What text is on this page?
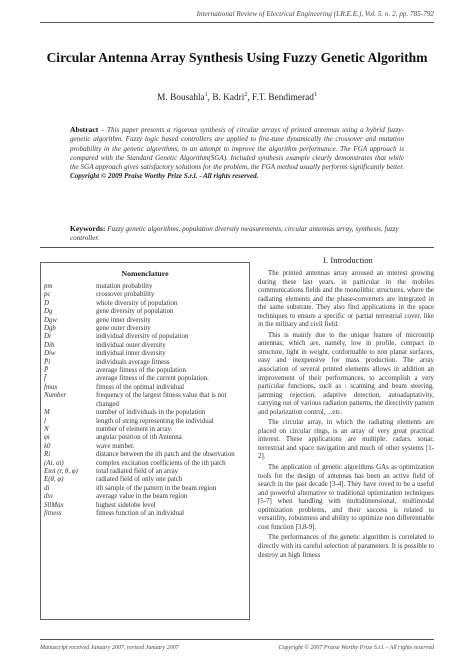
International Review of Electrical Engineering (I.R.E.E.), Vol. 5. n. 2, pp. 785-792
Circular Antenna Array Synthesis Using Fuzzy Genetic Algorithm
M. Bousahla$^1$, B. Kadri$^2$, F.T. Bendimerad$^1$
Abstract – This paper presents a rigorous synthesis of circular arrays of printed antennas using a hybrid fuzzy-genetic algorithm. Fuzzy logic based controllers are applied to fine-tune dynamically the crossover and mutation probability in the genetic algorithms, in an attempt to improve the algorithm performance. The FGA approach is compared with the Standard Genetic Algorithm(SGA). Included synthesis example clearly demonstrates that while the SGA approach gives satisfactory solutions for the problem, the FGA method usually performs significantly better. Copyright © 2009 Praise Worthy Prize S.r.l. - All rights reserved.
Keywords: Fuzzy genetic algorithms, population diversity measurements, circular antennas array, synthesis, fuzzy controller.
Nomenclature
pm	mutation probability
pc	crossover probability
D	whole diversity of population
Dg	gene diversity of population
Dgw	gene inner diversity
Dgb	gene outer diversity
Di	individual diversity of population
Dib	individual outer diversity
Diw	individual inner diversity
P̄i	individuals average fitness
P̄	average fitness of the population
f̄	average fitness of the current population.
fmax	fitness of the optimal individual
Number	frequency of the largest fitness value that is not changed
M	number of individuals in the population
l	length of string representing the individual
N	number of element in array.
φi	angular position of ith Antenna
k0	wave number.
Ri	distance between the ith patch and the observation
(Ai, αi)	complex excitation coefficients of the ith patch
Etot (r, θ, φ)	total radiated field of an array
E(θ, φ)	radiated field of only one patch
di	ith sample of the pattern in the beam region
dsv	average value in the beam region
SllMax	highest sidelobe level
fitness	fitness function of an individual
I. Introduction

The printed antennas array aroused an interest growing during these last years, in particular in the mobiles communications fields and the monolithic structures, where the radiating elements and the phase-converters are integrated in the same substrate. They also find applications in the space techniques to ensure a specific or partial terrestrial cover, like in the military and civil field.

This is mainly due to the unique feature of microstrip antennas; which are, namely, low in profile, compact in structure, light in weight, conformable to non planar surfaces, easy and inexpensive for mass production. The array association of several printed elements allows in addition an improvement of their performances, to accomplish a very particular functions, such as : scanning and beam steering, jamming rejection, adaptive detection, autoadaptativity, carrying out of various radiation patterns, the directivity pattern and polarization control, ...etc.

The circular array, in which the radiating elements are placed on circular rings, is an array of very great practical interest. These applications are multiple: radars, sonar, terrestrial and space navigation and much of other systems [1-2].

The application of genetic algorithms GAs as optimization tools for the design of antennas has been an active field of search in the past decade [3-4]. They have roved to be a useful and powerful alternative to traditional optimization techniques [5-7] when handling with multidimensional, multimodal optimization problems, and their success is related to versatility, robustness and ability to optimize non differentiable cost function [3,8-9].

The performances of the genetic algorithm is correlated to directly with its careful selection of parameters. It is possible to destroy an high fitness

Manuscript received January 2007, revised January 2007	Copyright © 2007 Praise Worthy Prize S.r.l. - All rights reserved
